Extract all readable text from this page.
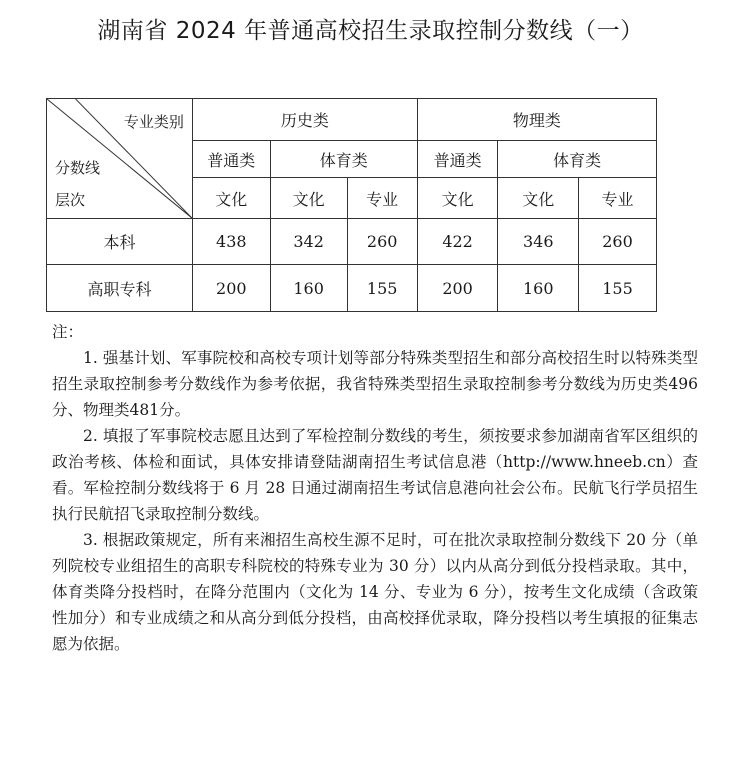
湖南省 2024 年普通高校招生录取控制分数线（一）
专业类别
分数线
层次	历史类			物理类		
	普通类	体育类		普通类	体育类	
	文化	文化	专业	文化	文化	专业
本科	438	342	260	422	346	260
高职专科	200	160	155	200	160	155

注：

1. 强基计划、军事院校和高校专项计划等部分特殊类型招生和部分高校招生时以特殊类型招生录取控制参考分数线作为参考依据，我省特殊类型招生录取控制参考分数线为历史类496分、物理类481分。

2. 填报了军事院校志愿且达到了军检控制分数线的考生，须按要求参加湖南省军区组织的政治考核、体检和面试，具体安排请登陆湖南招生考试信息港（http://www.hneeb.cn）查看。军检控制分数线将于 6 月 28 日通过湖南招生考试信息港向社会公布。民航飞行学员招生执行民航招飞录取控制分数线。

3. 根据政策规定，所有来湘招生高校生源不足时，可在批次录取控制分数线下 20 分（单列院校专业组招生的高职专科院校的特殊专业为 30 分）以内从高分到低分投档录取。其中，体育类降分投档时，在降分范围内（文化为 14 分、专业为 6 分），按考生文化成绩（含政策性加分）和专业成绩之和从高分到低分投档，由高校择优录取，降分投档以考生填报的征集志愿为依据。
